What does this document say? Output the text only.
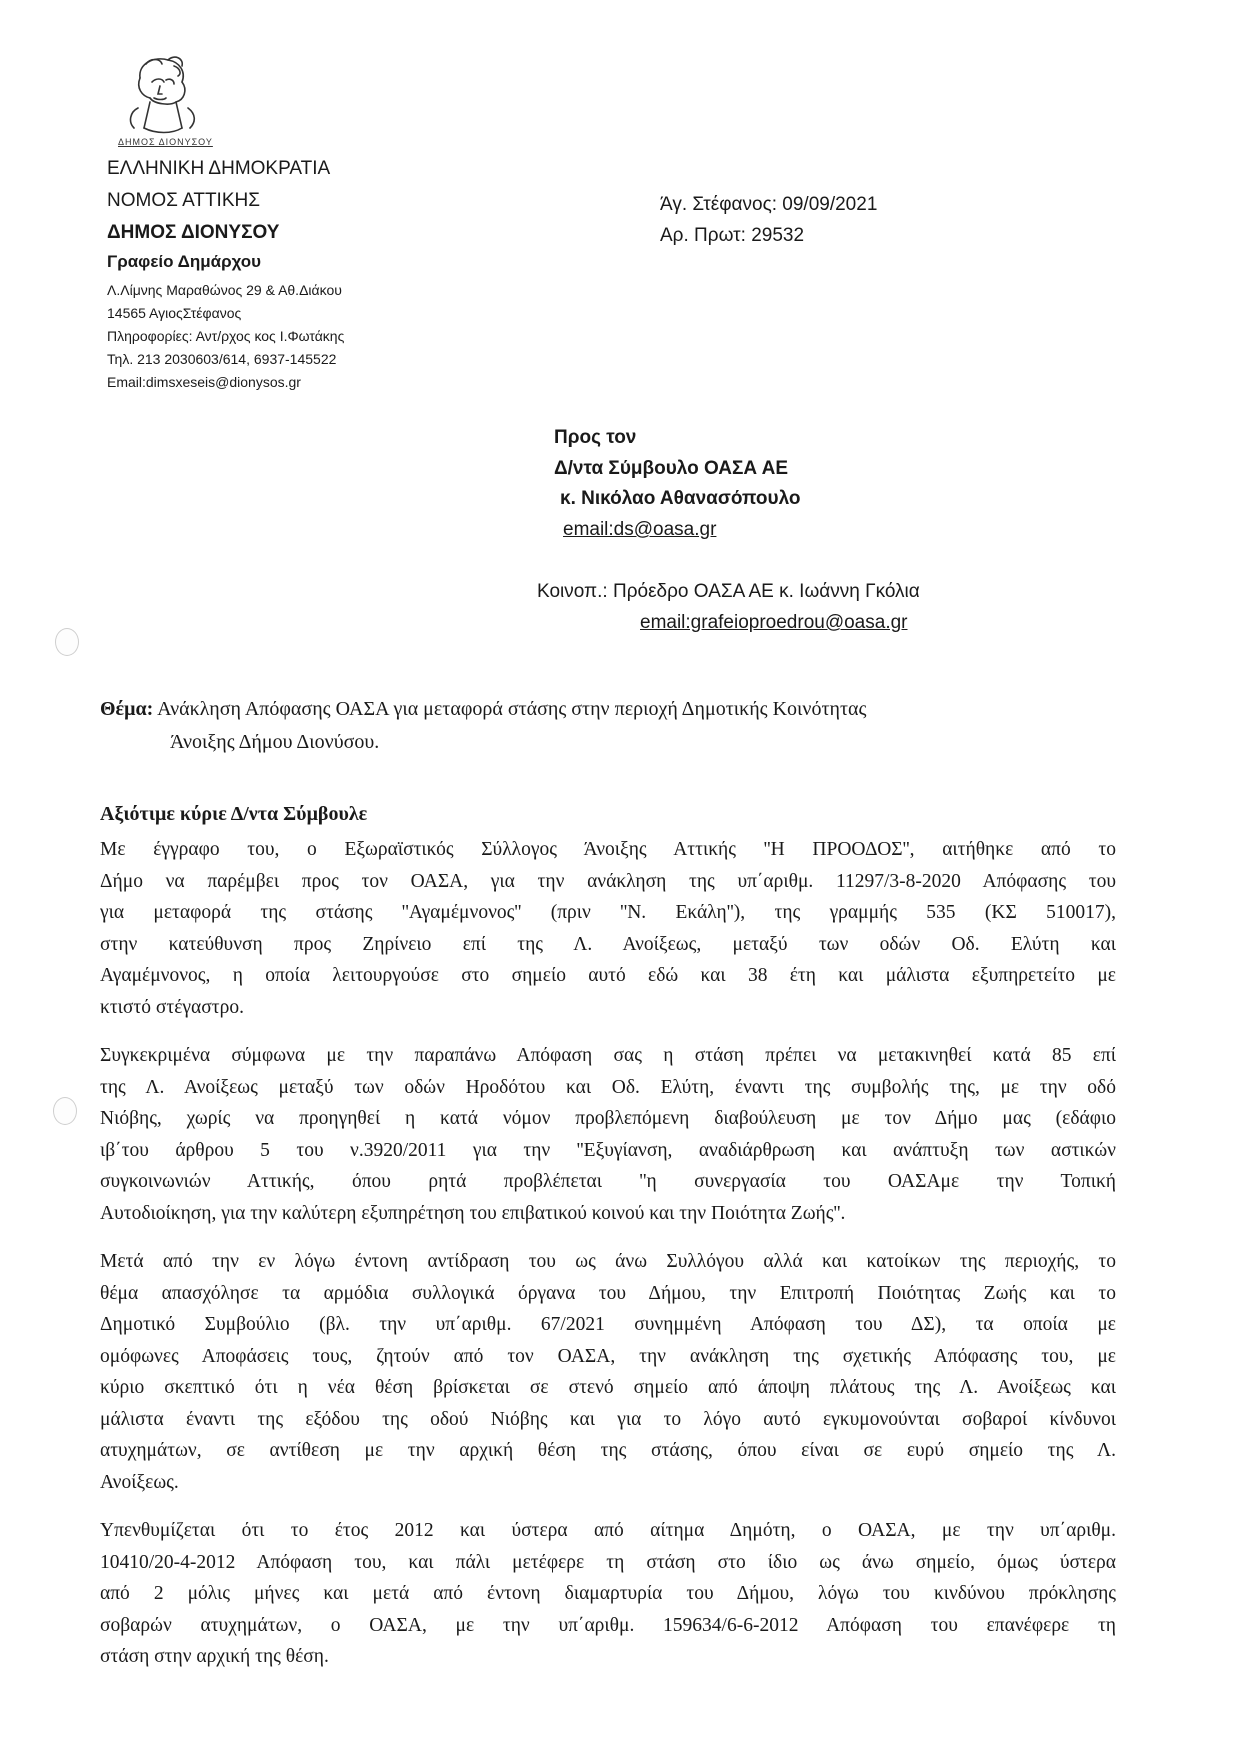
ΔΗΜΟΣ ΔΙΟΝΥΣΟΥ
ΕΛΛΗΝΙΚΗ ΔΗΜΟΚΡΑΤΙΑ
ΝΟΜΟΣ ΑΤΤΙΚΗΣ
ΔΗΜΟΣ ΔΙΟΝΥΣΟΥ
Γραφείο Δημάρχου
Λ.Λίμνης Μαραθώνος 29 & Αθ.Διάκου
14565 ΑγιοςΣτέφανος
Πληροφορίες: Αντ/ρχος κος Ι.Φωτάκης
Τηλ. 213 2030603/614, 6937-145522
Email:dimsxeseis@dionysos.gr
Άγ. Στέφανος: 09/09/2021
Αρ. Πρωτ: 29532
Προς τον
Δ/ντα Σύμβουλο ΟΑΣΑ ΑΕ
κ. Νικόλαο Αθανασόπουλο
email:ds@oasa.gr
Κοινοπ.: Πρόεδρο ΟΑΣΑ ΑΕ κ. Ιωάννη Γκόλια
email:grafeioproedrou@oasa.gr
Θέμα: Ανάκληση Απόφασης ΟΑΣΑ για μεταφορά στάσης στην περιοχή Δημοτικής Κοινότητας
Άνοιξης Δήμου Διονύσου.
Αξιότιμε κύριε Δ/ντα Σύμβουλε
Με έγγραφο του, ο Εξωραϊστικός Σύλλογος Άνοιξης Αττικής ''Η ΠΡΟΟΔΟΣ'', αιτήθηκε από το
Δήμο να παρέμβει προς τον ΟΑΣΑ, για την ανάκληση της υπ΄αριθμ. 11297/3-8-2020 Απόφασης του
για μεταφορά της στάσης ''Αγαμέμνονος'' (πριν ''Ν. Εκάλη''), της γραμμής 535 (ΚΣ 510017),
στην κατεύθυνση προς Ζηρίνειο επί της Λ. Ανοίξεως, μεταξύ των οδών Οδ. Ελύτη και
Αγαμέμνονος, η οποία λειτουργούσε στο σημείο αυτό εδώ και 38 έτη και μάλιστα εξυπηρετείτο με
κτιστό στέγαστρο.
Συγκεκριμένα σύμφωνα με την παραπάνω Απόφαση σας η στάση πρέπει να μετακινηθεί κατά 85 επί
της Λ. Ανοίξεως μεταξύ των οδών Ηροδότου και Οδ. Ελύτη, έναντι της συμβολής της, με την οδό
Νιόβης, χωρίς να προηγηθεί η κατά νόμον προβλεπόμενη διαβούλευση με τον Δήμο μας (εδάφιο
ιβ΄του άρθρου 5 του ν.3920/2011 για την ''Εξυγίανση, αναδιάρθρωση και ανάπτυξη των αστικών
συγκοινωνιών Αττικής, όπου ρητά προβλέπεται ''η συνεργασία του ΟΑΣΑμε την Τοπική
Αυτοδιοίκηση, για την καλύτερη εξυπηρέτηση του επιβατικού κοινού και την Ποιότητα Ζωής''.
Μετά από την εν λόγω έντονη αντίδραση του ως άνω Συλλόγου αλλά και κατοίκων της περιοχής, το
θέμα απασχόλησε τα αρμόδια συλλογικά όργανα του Δήμου, την Επιτροπή Ποιότητας Ζωής και το
Δημοτικό Συμβούλιο (βλ. την υπ΄αριθμ. 67/2021 συνημμένη Απόφαση του ΔΣ), τα οποία με
ομόφωνες Αποφάσεις τους, ζητούν από τον ΟΑΣΑ, την ανάκληση της σχετικής Απόφασης του, με
κύριο σκεπτικό ότι η νέα θέση βρίσκεται σε στενό σημείο από άποψη πλάτους της Λ. Ανοίξεως και
μάλιστα έναντι της εξόδου της οδού Νιόβης και για το λόγο αυτό εγκυμονούνται σοβαροί κίνδυνοι
ατυχημάτων, σε αντίθεση με την αρχική θέση της στάσης, όπου είναι σε ευρύ σημείο της Λ.
Ανοίξεως.
Υπενθυμίζεται ότι το έτος 2012 και ύστερα από αίτημα Δημότη, ο ΟΑΣΑ, με την υπ΄αριθμ.
10410/20-4-2012 Απόφαση του, και πάλι μετέφερε τη στάση στο ίδιο ως άνω σημείο, όμως ύστερα
από 2 μόλις μήνες και μετά από έντονη διαμαρτυρία του Δήμου, λόγω του κινδύνου πρόκλησης
σοβαρών ατυχημάτων, ο ΟΑΣΑ, με την υπ΄αριθμ. 159634/6-6-2012 Απόφαση του επανέφερε τη
στάση στην αρχική της θέση.
